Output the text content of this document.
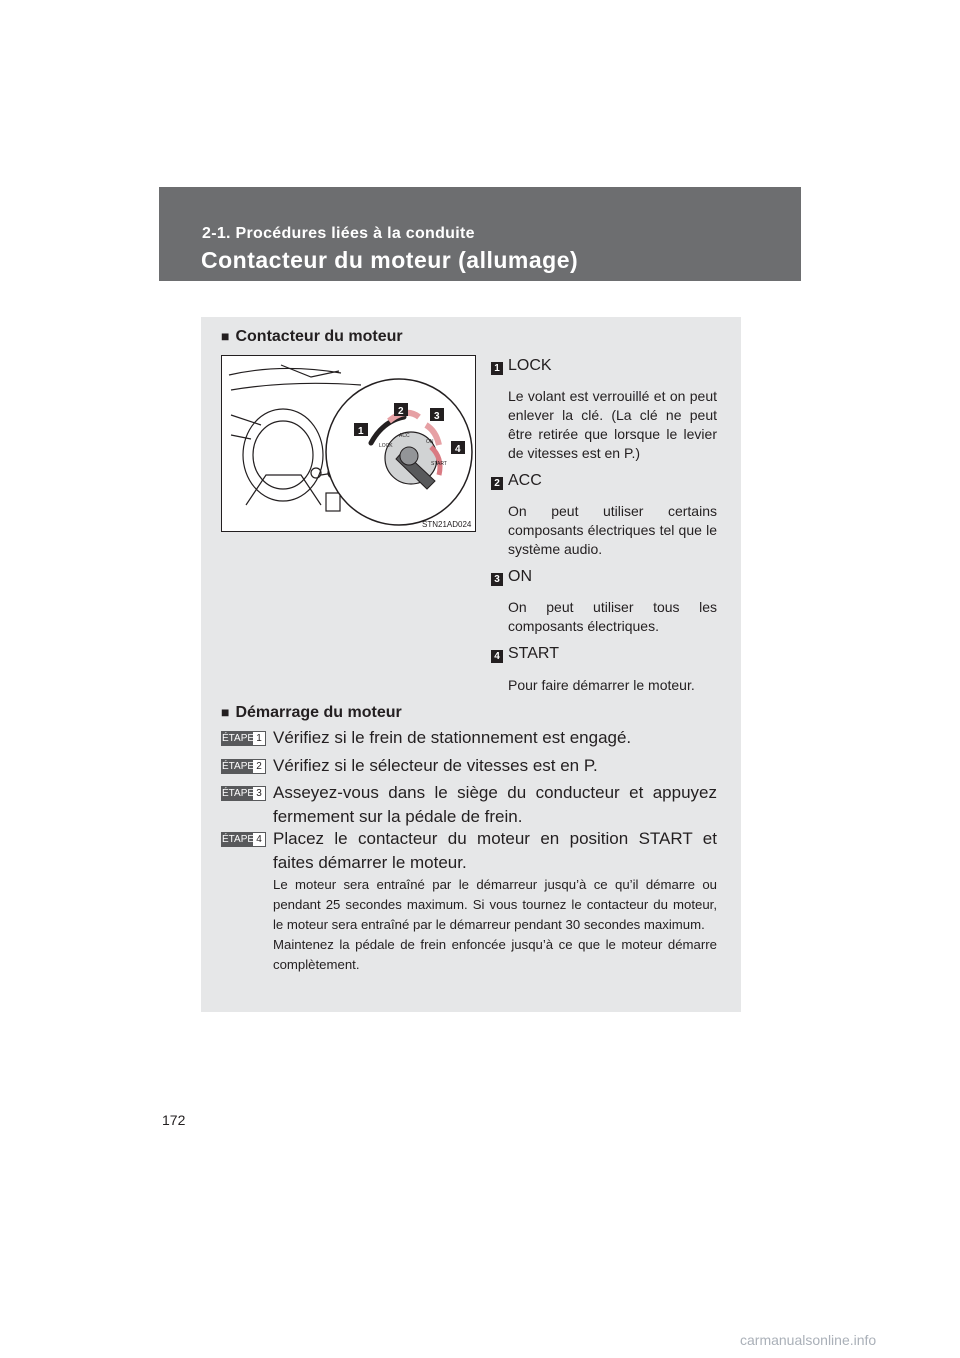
2-1. Procédures liées à la conduite
Contacteur du moteur (allumage)
■ Contacteur du moteur
ACC
ON
START
LOCK
1
2	3
4
STN21AD024
1 LOCK
Le volant est verrouillé et on peut enlever la clé. (La clé ne peut être retirée que lorsque le levier de vitesses est en P.)
2 ACC
On peut utiliser certains composants électriques tel que le système audio.
3 ON
On peut utiliser tous les composants électriques.
4 START
Pour faire démarrer le moteur.
■ Démarrage du moteur
ÉTAPE 1 Vérifiez si le frein de stationnement est engagé.
ÉTAPE 2 Vérifiez si le sélecteur de vitesses est en P.
ÉTAPE 3 Asseyez-vous dans le siège du conducteur et appuyez fermement sur la pédale de frein.
ÉTAPE 4 Placez le contacteur du moteur en position START et faites démarrer le moteur.
Le moteur sera entraîné par le démarreur jusqu’à ce qu’il démarre ou pendant 25 secondes maximum. Si vous tournez le contacteur du moteur, le moteur sera entraîné par le démarreur pendant 30 secondes maximum.
Maintenez la pédale de frein enfoncée jusqu’à ce que le moteur démarre complètement.
172
carmanualsonline.info
